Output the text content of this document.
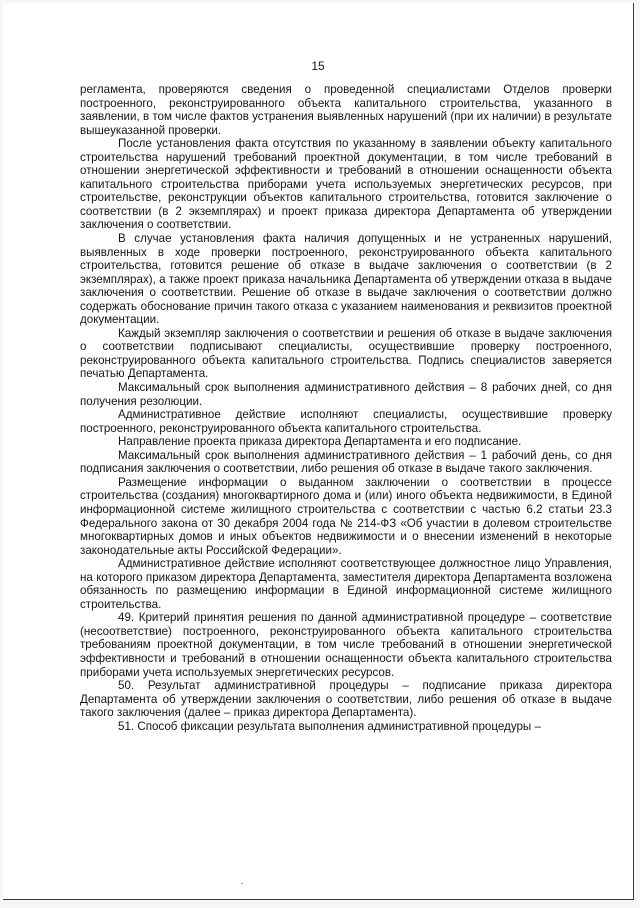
15

регламента, проверяются сведения о проведенной специалистами Отделов проверки построенного, реконструированного объекта капитального строительства, указанного в заявлении, в том числе фактов устранения выявленных нарушений (при их наличии) в результате вышеуказанной проверки.

После установления факта отсутствия по указанному в заявлении объекту капитального строительства нарушений требований проектной документации, в том числе требований в отношении энергетической эффективности и требований в отношении оснащенности объекта капитального строительства приборами учета используемых энергетических ресурсов, при строительстве, реконструкции объектов капитального строительства, готовится заключение о соответствии (в 2 экземплярах) и проект приказа директора Департамента об утверждении заключения о соответствии.

В случае установления факта наличия допущенных и не устраненных нарушений, выявленных в ходе проверки построенного, реконструированного объекта капитального строительства, готовится решение об отказе в выдаче заключения о соответствии (в 2 экземплярах), а также проект приказа начальника Департамента об утверждении отказа в выдаче заключения о соответствии. Решение об отказе в выдаче заключения о соответствии должно содержать обоснование причин такого отказа с указанием наименования и реквизитов проектной документации.

Каждый экземпляр заключения о соответствии и решения об отказе в выдаче заключения о соответствии подписывают специалисты, осуществившие проверку построенного, реконструированного объекта капитального строительства. Подпись специалистов заверяется печатью Департамента.

Максимальный срок выполнения административного действия – 8 рабочих дней, со дня получения резолюции.

Административное действие исполняют специалисты, осуществившие проверку построенного, реконструированного объекта капитального строительства.

Направление проекта приказа директора Департамента и его подписание.

Максимальный срок выполнения административного действия – 1 рабочий день, со дня подписания заключения о соответствии, либо решения об отказе в выдаче такого заключения.

Размещение информации о выданном заключении о соответствии в процессе строительства (создания) многоквартирного дома и (или) иного объекта недвижимости, в Единой информационной системе жилищного строительства с соответствии с частью 6.2 статьи 23.3 Федерального закона от 30 декабря 2004 года № 214-ФЗ «Об участии в долевом строительстве многоквартирных домов и иных объектов недвижимости и о внесении изменений в некоторые законодательные акты Российской Федерации».

Административное действие исполняют соответствующее должностное лицо Управления, на которого приказом директора Департамента, заместителя директора Департамента возложена обязанность по размещению информации в Единой информационной системе жилищного строительства.

49. Критерий принятия решения по данной административной процедуре – соответствие (несоответствие) построенного, реконструированного объекта капитального строительства требованиям проектной документации, в том числе требований в отношении энергетической эффективности и требований в отношении оснащенности объекта капитального строительства приборами учета используемых энергетических ресурсов.

50. Результат административной процедуры – подписание приказа директора Департамента об утверждении заключения о соответствии, либо решения об отказе в выдаче такого заключения (далее – приказ директора Департамента).

51. Способ фиксации результата выполнения административной процедуры –
